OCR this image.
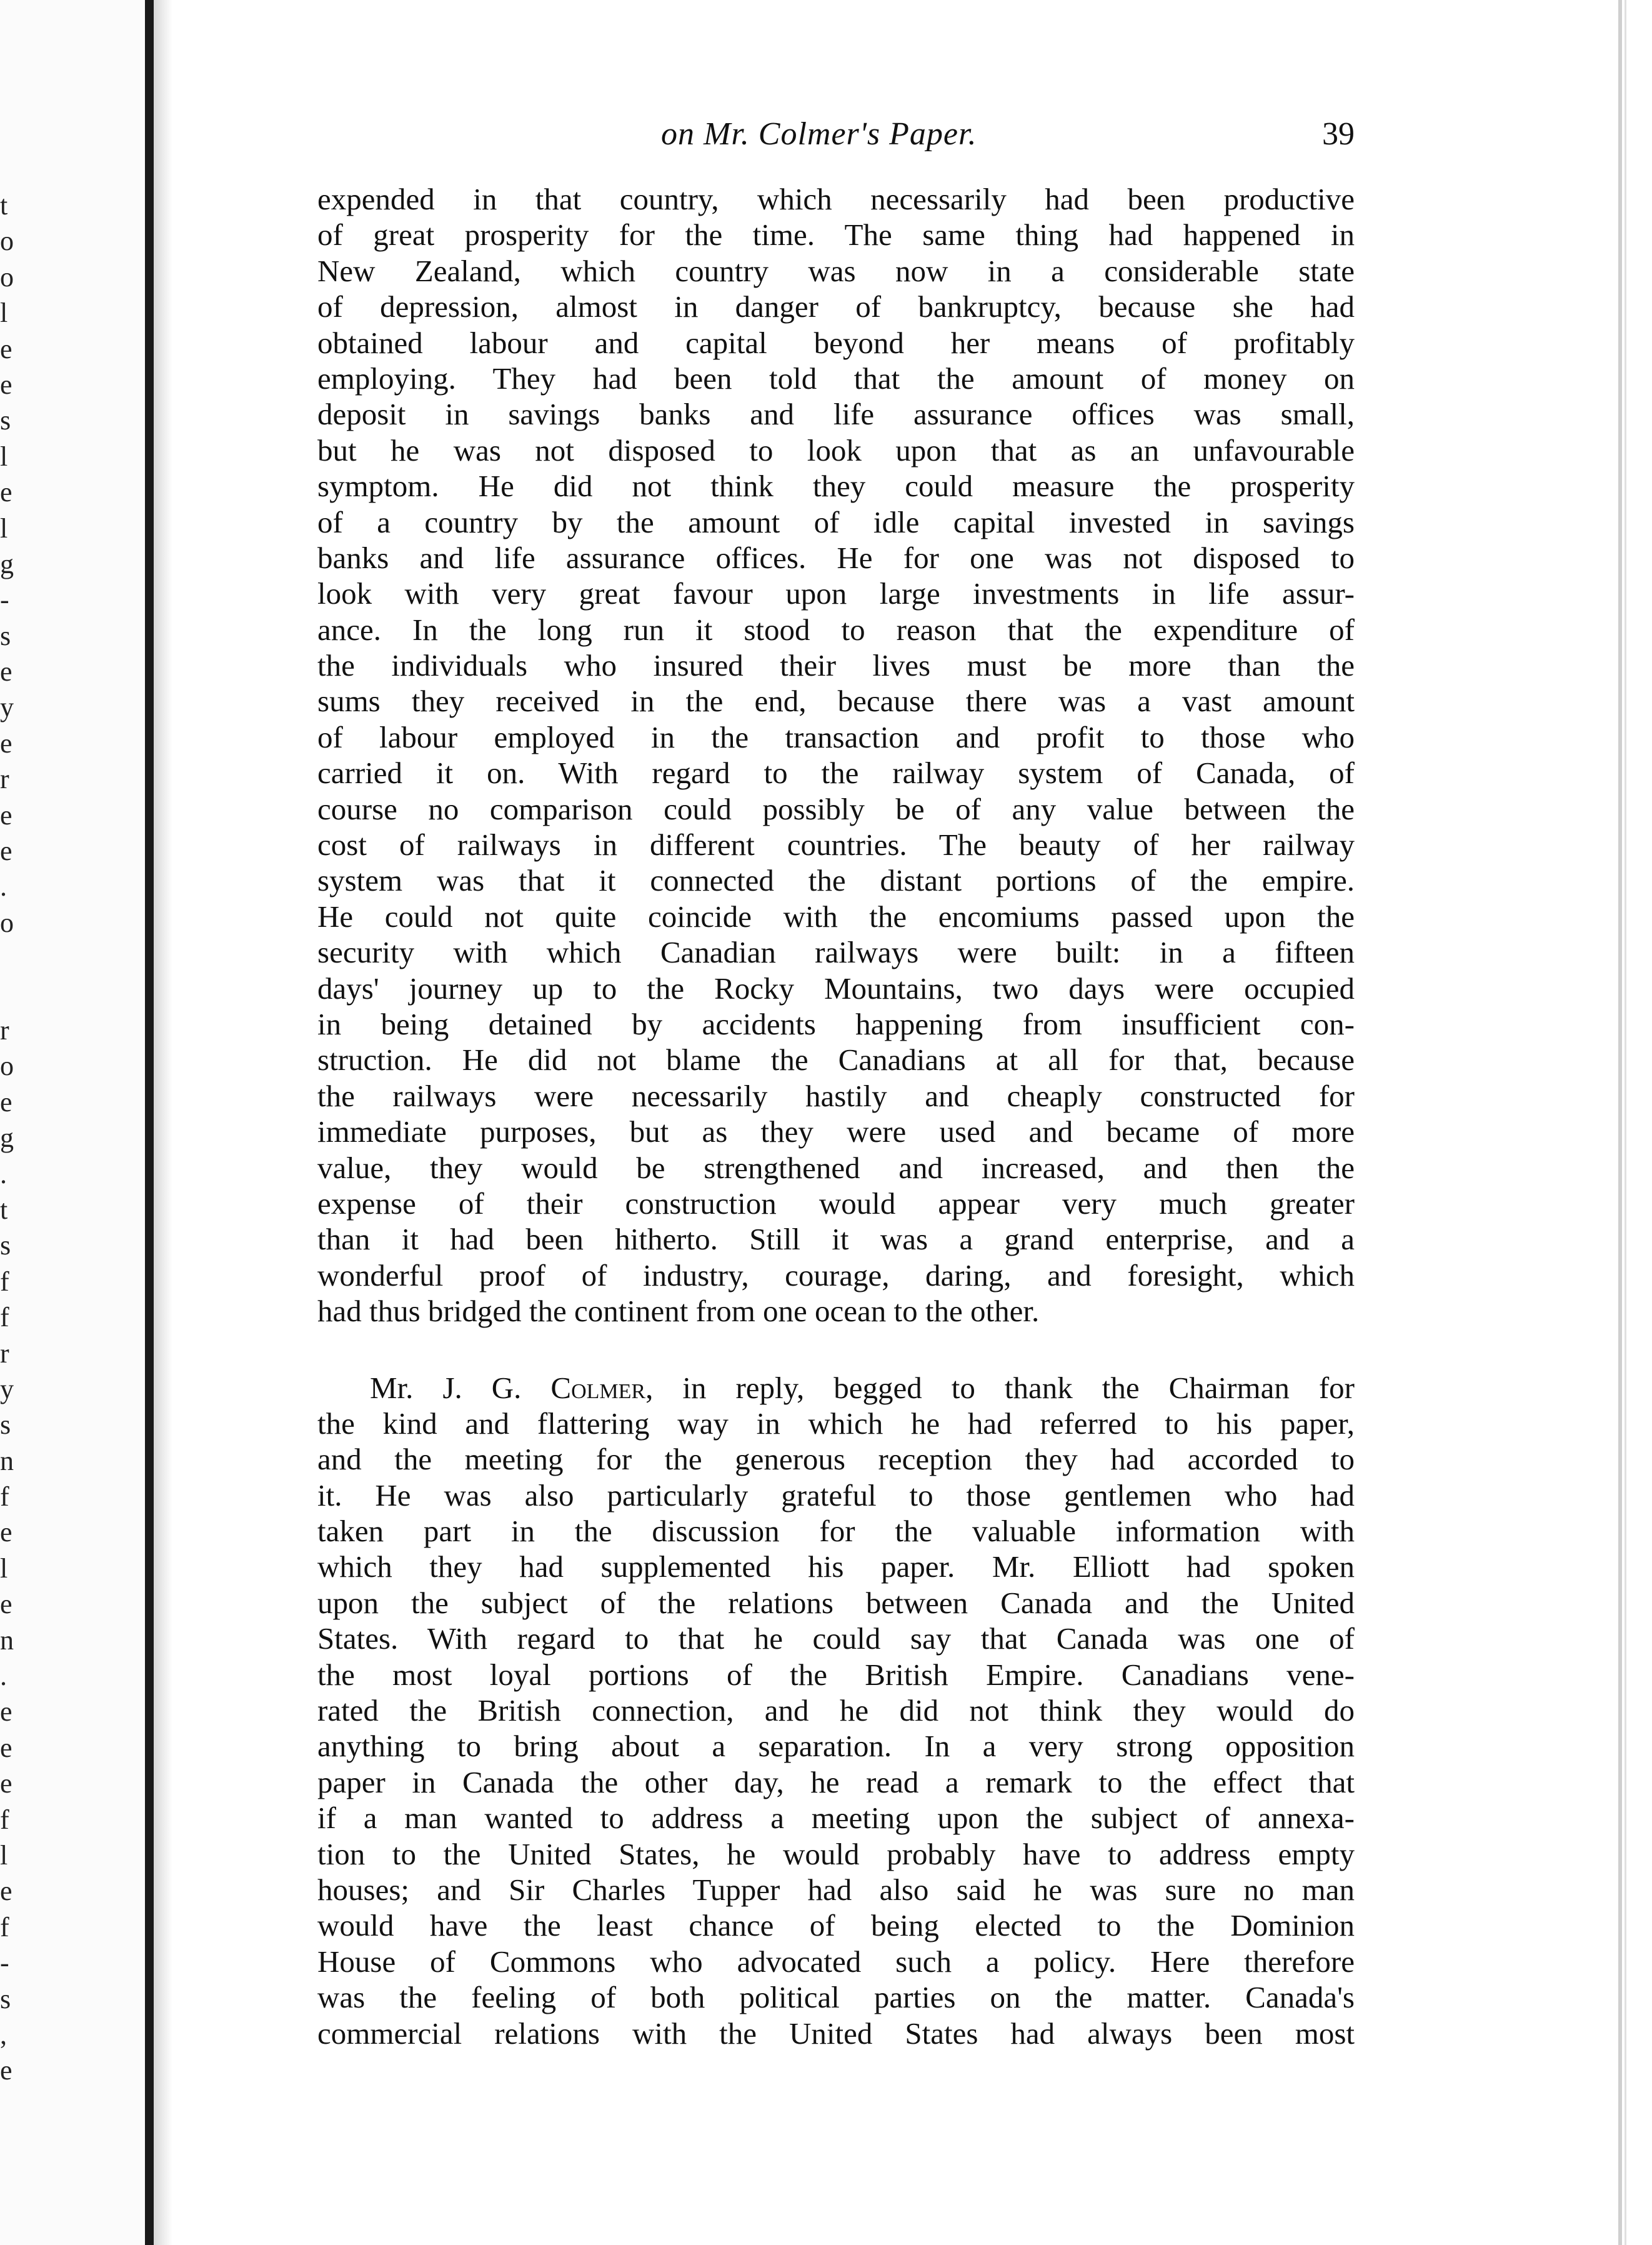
t
o
o
l
e
e
s
l
e
l
g
-
s
e
y
e
r
e
e
.
o
r
o
e
g
.
t
s
f
f
r
y
s
n
f
e
l
e
n
.
e
e
e
f
l
e
f
-
s
,
e
on Mr. Colmer's Paper.	39
expended in that country, which necessarily had been productive
of great prosperity for the time. The same thing had happened in
New Zealand, which country was now in a considerable state
of depression, almost in danger of bankruptcy, because she had
obtained labour and capital beyond her means of profitably
employing. They had been told that the amount of money on
deposit in savings banks and life assurance offices was small,
but he was not disposed to look upon that as an unfavourable
symptom. He did not think they could measure the prosperity
of a country by the amount of idle capital invested in savings
banks and life assurance offices. He for one was not disposed to
look with very great favour upon large investments in life assur-
ance. In the long run it stood to reason that the expenditure of
the individuals who insured their lives must be more than the
sums they received in the end, because there was a vast amount
of labour employed in the transaction and profit to those who
carried it on. With regard to the railway system of Canada, of
course no comparison could possibly be of any value between the
cost of railways in different countries. The beauty of her railway
system was that it connected the distant portions of the empire.
He could not quite coincide with the encomiums passed upon the
security with which Canadian railways were built: in a fifteen
days' journey up to the Rocky Mountains, two days were occupied
in being detained by accidents happening from insufficient con-
struction. He did not blame the Canadians at all for that, because
the railways were necessarily hastily and cheaply constructed for
immediate purposes, but as they were used and became of more
value, they would be strengthened and increased, and then the
expense of their construction would appear very much greater
than it had been hitherto. Still it was a grand enterprise, and a
wonderful proof of industry, courage, daring, and foresight, which
had thus bridged the continent from one ocean to the other.
Mr. J. G. Colmer, in reply, begged to thank the Chairman for
the kind and flattering way in which he had referred to his paper,
and the meeting for the generous reception they had accorded to
it. He was also particularly grateful to those gentlemen who had
taken part in the discussion for the valuable information with
which they had supplemented his paper. Mr. Elliott had spoken
upon the subject of the relations between Canada and the United
States. With regard to that he could say that Canada was one of
the most loyal portions of the British Empire. Canadians vene-
rated the British connection, and he did not think they would do
anything to bring about a separation. In a very strong opposition
paper in Canada the other day, he read a remark to the effect that
if a man wanted to address a meeting upon the subject of annexa-
tion to the United States, he would probably have to address empty
houses; and Sir Charles Tupper had also said he was sure no man
would have the least chance of being elected to the Dominion
House of Commons who advocated such a policy. Here therefore
was the feeling of both political parties on the matter. Canada's
commercial relations with the United States had always been most
